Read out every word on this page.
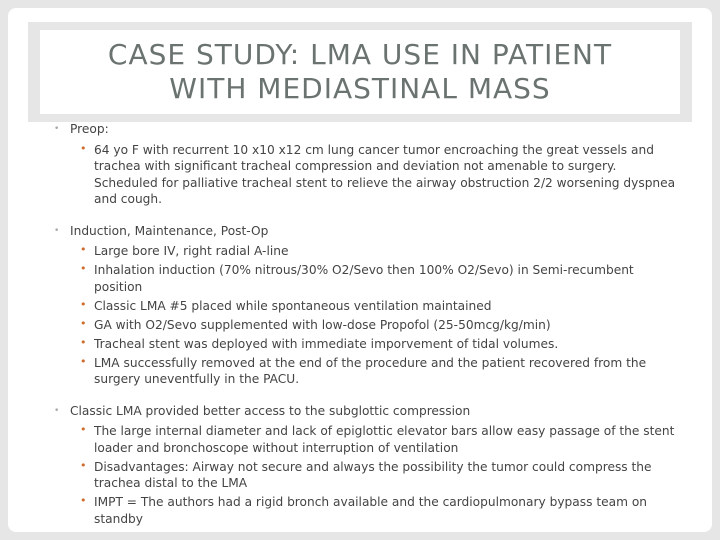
CASE STUDY: LMA USE IN PATIENT
WITH MEDIASTINAL MASS
• Preop:
• 64 yo F with recurrent 10 x10 x12 cm lung cancer tumor encroaching the great vessels and trachea with significant tracheal compression and deviation not amenable to surgery. Scheduled for palliative tracheal stent to relieve the airway obstruction 2/2 worsening dyspnea and cough.
• Induction, Maintenance, Post-Op
• Large bore IV, right radial A-line
• Inhalation induction (70% nitrous/30% O2/Sevo then 100% O2/Sevo) in Semi-recumbent position
• Classic LMA #5 placed while spontaneous ventilation maintained
• GA with O2/Sevo supplemented with low-dose Propofol (25-50mcg/kg/min)
• Tracheal stent was deployed with immediate imporvement of tidal volumes.
• LMA successfully removed at the end of the procedure and the patient recovered from the surgery uneventfully in the PACU.
• Classic LMA provided better access to the subglottic compression
• The large internal diameter and lack of epiglottic elevator bars allow easy passage of the stent loader and bronchoscope without interruption of ventilation
• Disadvantages: Airway not secure and always the possibility the tumor could compress the trachea distal to the LMA
• IMPT = The authors had a rigid bronch available and the cardiopulmonary bypass team on standby
